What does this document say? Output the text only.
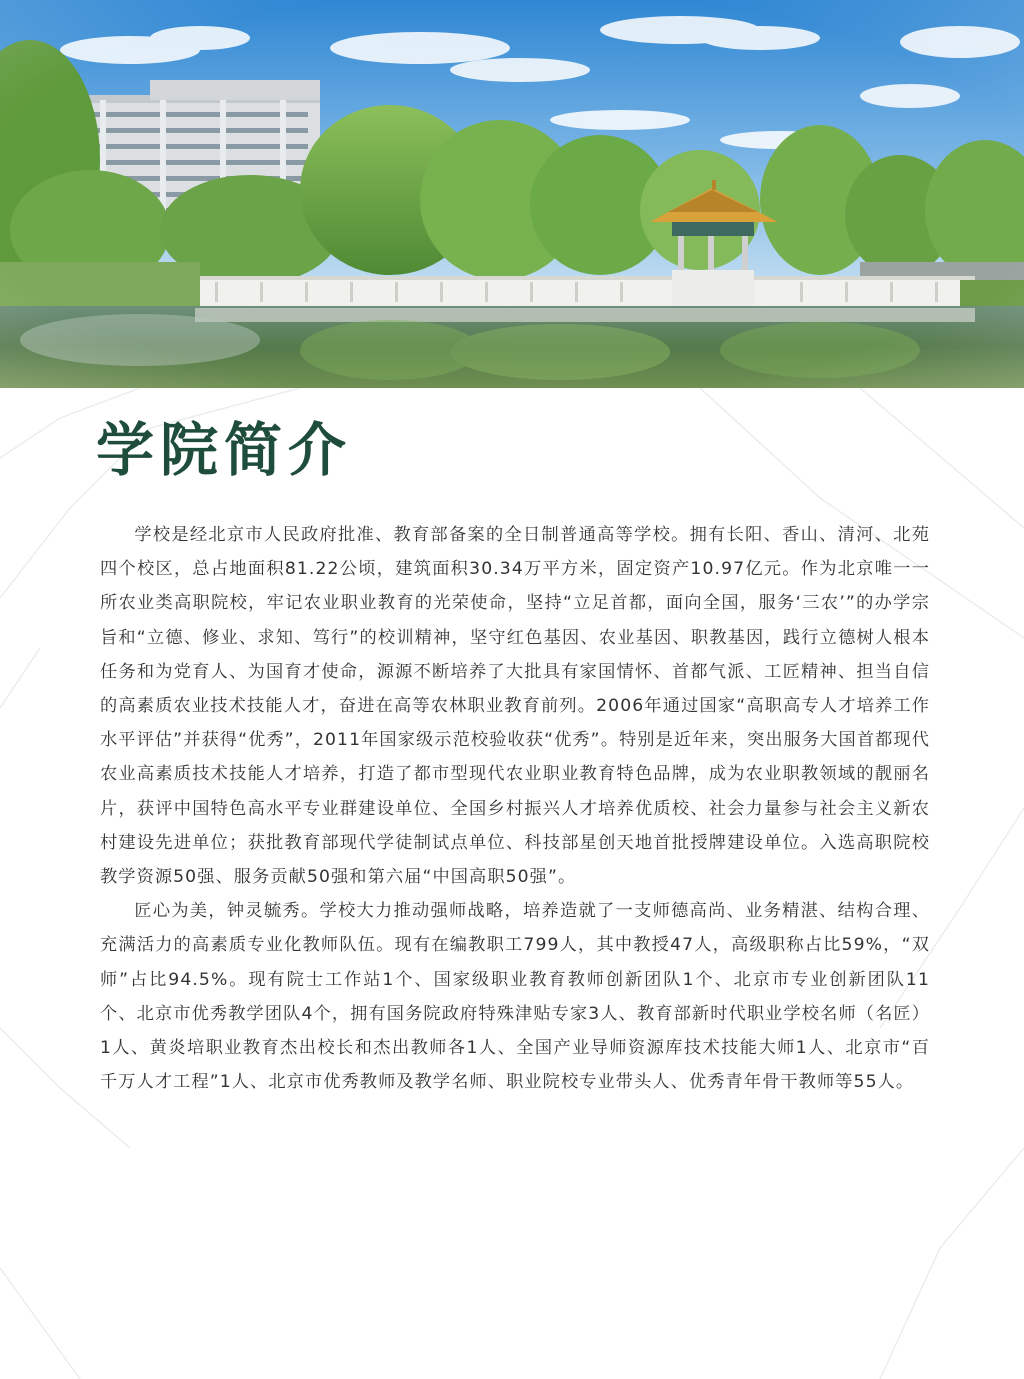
学院简介

学校是经北京市人民政府批准、教育部备案的全日制普通高等学校。拥有长阳、香山、清河、北苑四个校区，总占地面积81.22公顷，建筑面积30.34万平方米，固定资产10.97亿元。作为北京唯一一所农业类高职院校，牢记农业职业教育的光荣使命，坚持“立足首都，面向全国，服务‘三农’”的办学宗旨和“立德、修业、求知、笃行”的校训精神，坚守红色基因、农业基因、职教基因，践行立德树人根本任务和为党育人、为国育才使命，源源不断培养了大批具有家国情怀、首都气派、工匠精神、担当自信的高素质农业技术技能人才，奋进在高等农林职业教育前列。2006年通过国家“高职高专人才培养工作水平评估”并获得“优秀”，2011年国家级示范校验收获“优秀”。特别是近年来，突出服务大国首都现代农业高素质技术技能人才培养，打造了都市型现代农业职业教育特色品牌，成为农业职教领域的靓丽名片，获评中国特色高水平专业群建设单位、全国乡村振兴人才培养优质校、社会力量参与社会主义新农村建设先进单位；获批教育部现代学徒制试点单位、科技部星创天地首批授牌建设单位。入选高职院校教学资源50强、服务贡献50强和第六届“中国高职50强”。

匠心为美，钟灵毓秀。学校大力推动强师战略，培养造就了一支师德高尚、业务精湛、结构合理、充满活力的高素质专业化教师队伍。现有在编教职工799人，其中教授47人，高级职称占比59%，“双师”占比94.5%。现有院士工作站1个、国家级职业教育教师创新团队1个、北京市专业创新团队11个、北京市优秀教学团队4个，拥有国务院政府特殊津贴专家3人、教育部新时代职业学校名师（名匠）1人、黄炎培职业教育杰出校长和杰出教师各1人、全国产业导师资源库技术技能大师1人、北京市“百千万人才工程”1人、北京市优秀教师及教学名师、职业院校专业带头人、优秀青年骨干教师等55人。
